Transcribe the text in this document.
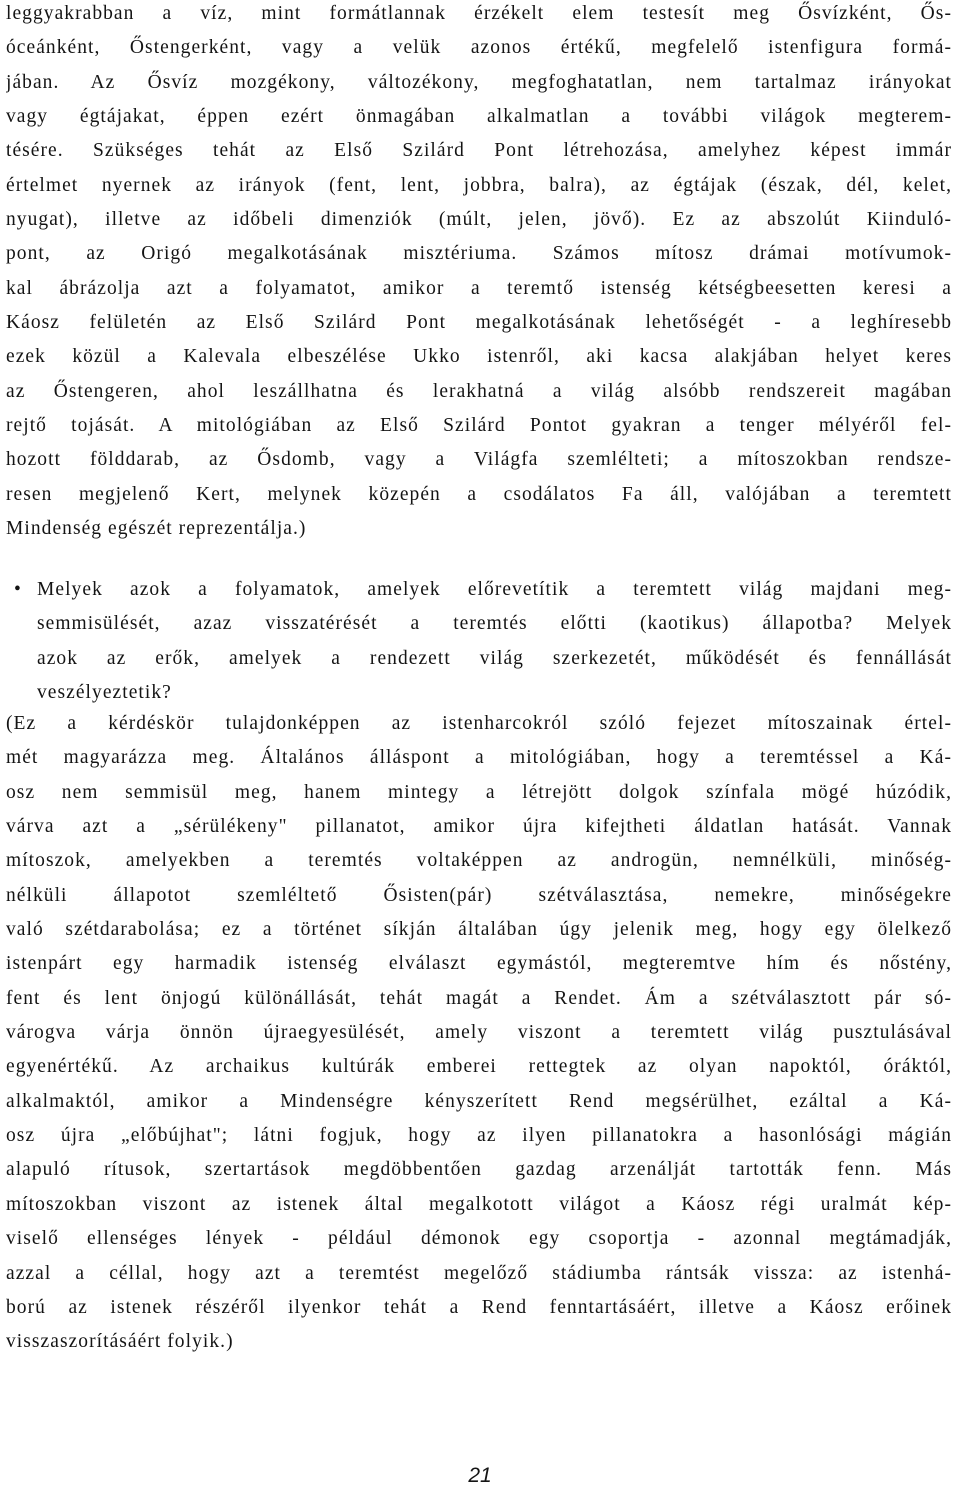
leggyakrabban a víz, mint formátlannak érzékelt elem testesít meg Ősvízként, Ős-
óceánként, Őstengerként, vagy a velük azonos értékű, megfelelő istenfigura formá-
jában. Az Ősvíz mozgékony, változékony, megfoghatatlan, nem tartalmaz irányokat
vagy égtájakat, éppen ezért önmagában alkalmatlan a további világok megterem-
tésére. Szükséges tehát az Első Szilárd Pont létrehozása, amelyhez képest immár
értelmet nyernek az irányok (fent, lent, jobbra, balra), az égtájak (észak, dél, kelet,
nyugat), illetve az időbeli dimenziók (múlt, jelen, jövő). Ez az abszolút Kiinduló-
pont, az Origó megalkotásának misztériuma. Számos mítosz drámai motívumok-
kal ábrázolja azt a folyamatot, amikor a teremtő istenség kétségbeesetten keresi a
Káosz felületén az Első Szilárd Pont megalkotásának lehetőségét - a leghíresebb
ezek közül a Kalevala elbeszélése Ukko istenről, aki kacsa alakjában helyet keres
az Őstengeren, ahol leszállhatna és lerakhatná a világ alsóbb rendszereit magában
rejtő tojását. A mitológiában az Első Szilárd Pontot gyakran a tenger mélyéről fel-
hozott földdarab, az Ősdomb, vagy a Világfa szemlélteti; a mítoszokban rendsze-
resen megjelenő Kert, melynek közepén a csodálatos Fa áll, valójában a teremtett
Mindenség egészét reprezentálja.)
• Melyek azok a folyamatok, amelyek előrevetítik a teremtett világ majdani meg-
semmisülését, azaz visszatérését a teremtés előtti (kaotikus) állapotba? Melyek
azok az erők, amelyek a rendezett világ szerkezetét, működését és fennállását
veszélyeztetik?
(Ez a kérdéskör tulajdonképpen az istenharcokról szóló fejezet mítoszainak értel-
mét magyarázza meg. Általános álláspont a mitológiában, hogy a teremtéssel a Ká-
osz nem semmisül meg, hanem mintegy a létrejött dolgok színfala mögé húzódik,
várva azt a „sérülékeny" pillanatot, amikor újra kifejtheti áldatlan hatását. Vannak
mítoszok, amelyekben a teremtés voltaképpen az androgün, nemnélküli, minőség-
nélküli állapotot szemléltető Ősisten(pár) szétválasztása, nemekre, minőségekre
való szétdarabolása; ez a történet síkján általában úgy jelenik meg, hogy egy ölelkező
istenpárt egy harmadik istenség elválaszt egymástól, megteremtve hím és nőstény,
fent és lent önjogú különállását, tehát magát a Rendet. Ám a szétválasztott pár só-
várogva várja önnön újraegyesülését, amely viszont a teremtett világ pusztulásával
egyenértékű. Az archaikus kultúrák emberei rettegtek az olyan napoktól, óráktól,
alkalmaktól, amikor a Mindenségre kényszerített Rend megsérülhet, ezáltal a Ká-
osz újra „előbújhat"; látni fogjuk, hogy az ilyen pillanatokra a hasonlósági mágián
alapuló rítusok, szertartások megdöbbentően gazdag arzenálját tartották fenn. Más
mítoszokban viszont az istenek által megalkotott világot a Káosz régi uralmát kép-
viselő ellenséges lények - például démonok egy csoportja - azonnal megtámadják,
azzal a céllal, hogy azt a teremtést megelőző stádiumba rántsák vissza: az istenhá-
ború az istenek részéről ilyenkor tehát a Rend fenntartásáért, illetve a Káosz erőinek
visszaszorításáért folyik.)
21
